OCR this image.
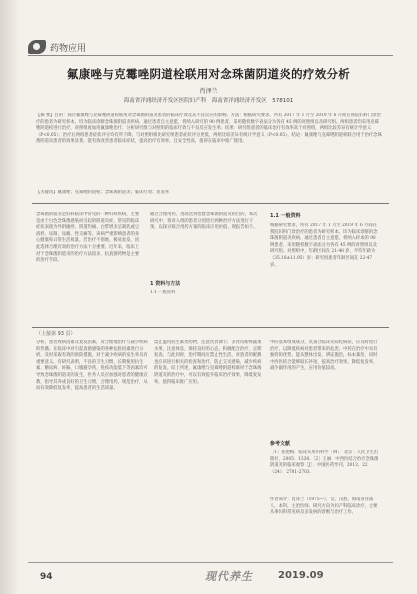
药物应用
氟康唑与克霉唑阴道栓联用对念珠菌阴道炎的疗效分析
肖泽兰
海南省洋浦经济开发区医院妇产科　海南省洋浦经济开发区　578101
【摘 要】目的：探讨氟康唑与克霉唑阴道栓联用对念珠菌阴道炎患者的临床疗效及其不良反应的影响。方法：根据研究要求，所有 2017 年 1 月至 2019 年 6 月间在我院妇科门诊治疗的患者为研究样本，均为临床诊断念珠菌阴道炎疾病，通过患者自主意愿，将纳入研究的 90 例患者，采用随机数字表法分为各有 45 例的对照组以及研究组。两组患者均采用克霉唑阴道栓进行治疗，对照组再加用氟康唑治疗，分析研究组与对照组的临床疗效与不良反应发生率；结果：研究组患者的临床治疗有效率高于对照组，两组比较差异有统计学意义（P<0.05）；治疗后两组患者症状评分均有所下降，与对照组相比研究组患者症状评分更低，两组比较差异有统计学意义（P<0.05）。结论：氟康唑与克霉唑阴道栓联合用于治疗念珠菌阴道炎患者的效果显著，能有效改善患者临床症状，提高治疗有效率，且安全性高，值得在临床中推广使用。
【关键词】氟康唑；克霉唑阴道栓；念珠菌阴道炎；临床疗效；复发率
念珠菌阴道炎是妇科临床中常见的一种妇科疾病，主要是由于白色念珠菌感染而引起的阴道炎症，常见的临床症状表现为外阴瘙痒、阴道灼痛、白带增多呈凝乳或豆渣样、尿频、尿痛、性交痛等，该病严重影响患者的身心健康和日常生活质量。若治疗不彻底，极易复发，因此选择合理有效的治疗方法十分重要。近年来，临床上对于念珠菌阴道炎的治疗方法较多，抗真菌药物是主要的治疗手段。
通过合理用药，进而达到治愈念珠菌阴道炎的目的，本次研究中，将对入组的患者分别进行两种治疗方法进行干预，以探讨联合用药方案的临床应用价值，现报告如下。
1 资料与方法
1.1 一般资料
1.1 一般资料
根据研究要求，所有 2017 年 1 月至 2019 年 6 月间在我院妇科门诊治疗的患者为研究样本，均为临床诊断的念珠菌阴道炎疾病，通过患者自主意愿，将纳入样本的 90 例患者，采用随机数字表法分为各有 45 例的对照组以及研究组。对照组中，年龄区间在 21-48 岁，平均年龄为（35.18±11.95）岁；研究组患者年龄区间在 22-47 岁。
（上接第 93 页）
分析，患者致病因素及复发因素，对合理地治疗与减少疾病的传播。在临床中对引起真菌感染的各种危险因素进行分析，及时采取有效的预防措施，对于减少疾病的发生率具有重要意义。有研究表明，不良的卫生习惯、长期使用抗生素、糖尿病、妊娠、口服避孕药、免疫功能低下等因素均可导致念珠菌阴道炎的发生，医务人员应加强对患者的健康宣教，指导其养成良好的卫生习惯，合理用药，规范治疗，从而有效降低复发率，提高患者的生活质量。
禁止滥用抗生素类药物，注意饮食调节，多食用新鲜蔬菜水果，注意休息，保持良好的心态，积极配合治疗，定期复查。与此同时，治疗期间应禁止性生活，对患者的配偶也应该进行相关的检查和治疗，防止交叉感染，减少疾病的复发。综上所述，氟康唑与克霉唑阴道栓联用于念珠菌阴道炎的治疗中，可以有效提升临床治疗效果，降低复发率，值得临床推广应用。
中的基本组成成分，具备合临床实际化病症，应及时进行治疗，以降低疾病对患者带来的危害。中药在治疗中具有独特的优势，能从整体出发，辨证施治，标本兼治，同时中西医结合能够取长补短，提高治疗效果，降低复发率，减少副作用的产生，应用价值较高。
参考文献
［1］张艳梅．临床实用妇科学［M］．北京：人民卫生出版社，2005：1338．［2］王丽．中西医结合治疗念珠菌阴道炎的临床观察［J］．中国医药导刊，2013，22（24）：2701-2703．
作者简介：肖泽兰（1975—），女，汉族，海南省洋浦人，本科，主治医师，研究方向为妇产科临床诊疗，主要从事妇科常见病及多发病的诊断与治疗工作。
94	现代养生	2019.09
